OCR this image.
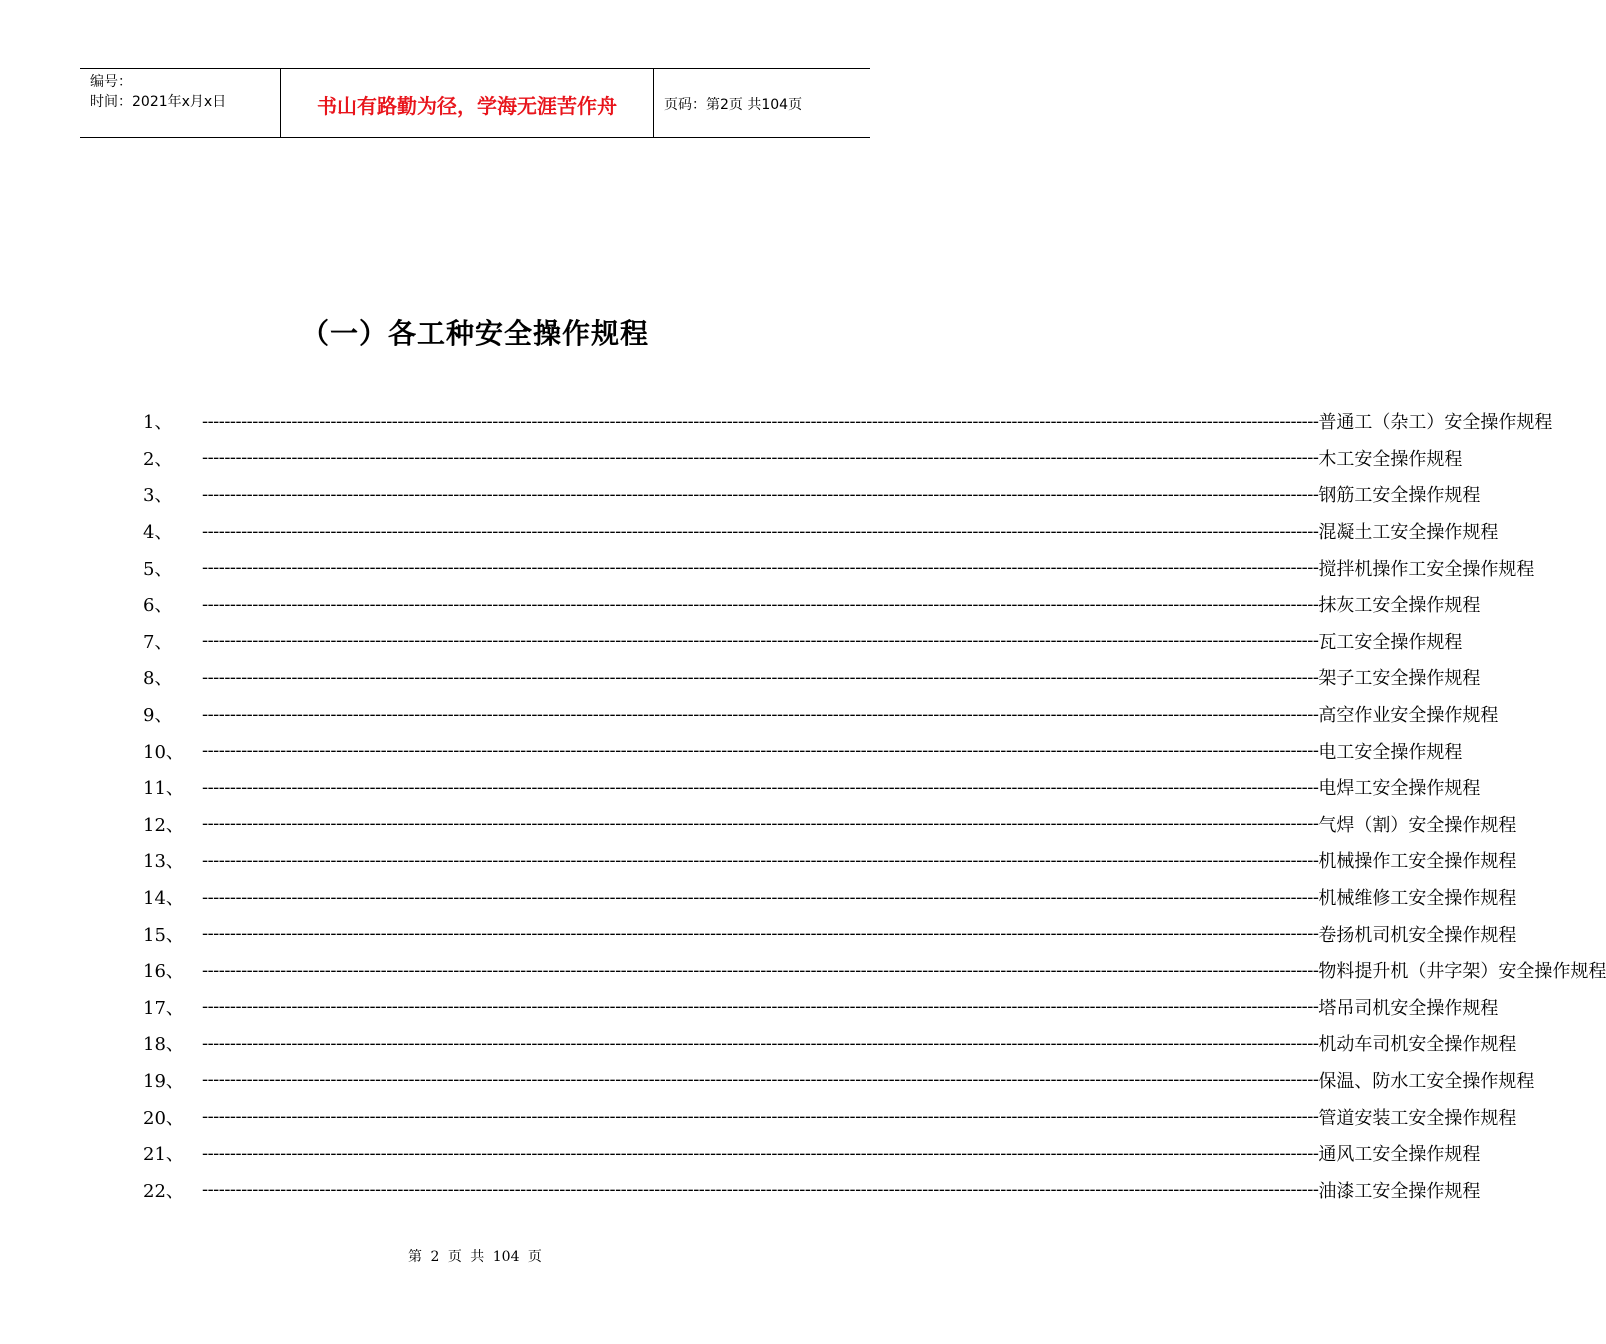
编号：
时间：2021年x月x日	书山有路勤为径，学海无涯苦作舟	页码：第2页 共104页
（一）各工种安全操作规程
1、	-------------------------------------------------------------------------------------------------------------------------------------------------------------------------------------------------------- 普通工（杂工）安全操作规程
2、	-------------------------------------------------------------------------------------------------------------------------------------------------------------------------------------------------------- 木工安全操作规程
3、	-------------------------------------------------------------------------------------------------------------------------------------------------------------------------------------------------------- 钢筋工安全操作规程
4、	-------------------------------------------------------------------------------------------------------------------------------------------------------------------------------------------------------- 混凝土工安全操作规程
5、	-------------------------------------------------------------------------------------------------------------------------------------------------------------------------------------------------------- 搅拌机操作工安全操作规程
6、	-------------------------------------------------------------------------------------------------------------------------------------------------------------------------------------------------------- 抹灰工安全操作规程
7、	-------------------------------------------------------------------------------------------------------------------------------------------------------------------------------------------------------- 瓦工安全操作规程
8、	-------------------------------------------------------------------------------------------------------------------------------------------------------------------------------------------------------- 架子工安全操作规程
9、	-------------------------------------------------------------------------------------------------------------------------------------------------------------------------------------------------------- 高空作业安全操作规程
10、	-------------------------------------------------------------------------------------------------------------------------------------------------------------------------------------------------------- 电工安全操作规程
11、	-------------------------------------------------------------------------------------------------------------------------------------------------------------------------------------------------------- 电焊工安全操作规程
12、	-------------------------------------------------------------------------------------------------------------------------------------------------------------------------------------------------------- 气焊（割）安全操作规程
13、	-------------------------------------------------------------------------------------------------------------------------------------------------------------------------------------------------------- 机械操作工安全操作规程
14、	-------------------------------------------------------------------------------------------------------------------------------------------------------------------------------------------------------- 机械维修工安全操作规程
15、	-------------------------------------------------------------------------------------------------------------------------------------------------------------------------------------------------------- 卷扬机司机安全操作规程
16、	-------------------------------------------------------------------------------------------------------------------------------------------------------------------------------------------------------- 物料提升机（井字架）安全操作规程
17、	-------------------------------------------------------------------------------------------------------------------------------------------------------------------------------------------------------- 塔吊司机安全操作规程
18、	-------------------------------------------------------------------------------------------------------------------------------------------------------------------------------------------------------- 机动车司机安全操作规程
19、	-------------------------------------------------------------------------------------------------------------------------------------------------------------------------------------------------------- 保温、防水工安全操作规程
20、	-------------------------------------------------------------------------------------------------------------------------------------------------------------------------------------------------------- 管道安装工安全操作规程
21、	-------------------------------------------------------------------------------------------------------------------------------------------------------------------------------------------------------- 通风工安全操作规程
22、	-------------------------------------------------------------------------------------------------------------------------------------------------------------------------------------------------------- 油漆工安全操作规程
第 2 页 共 104 页
